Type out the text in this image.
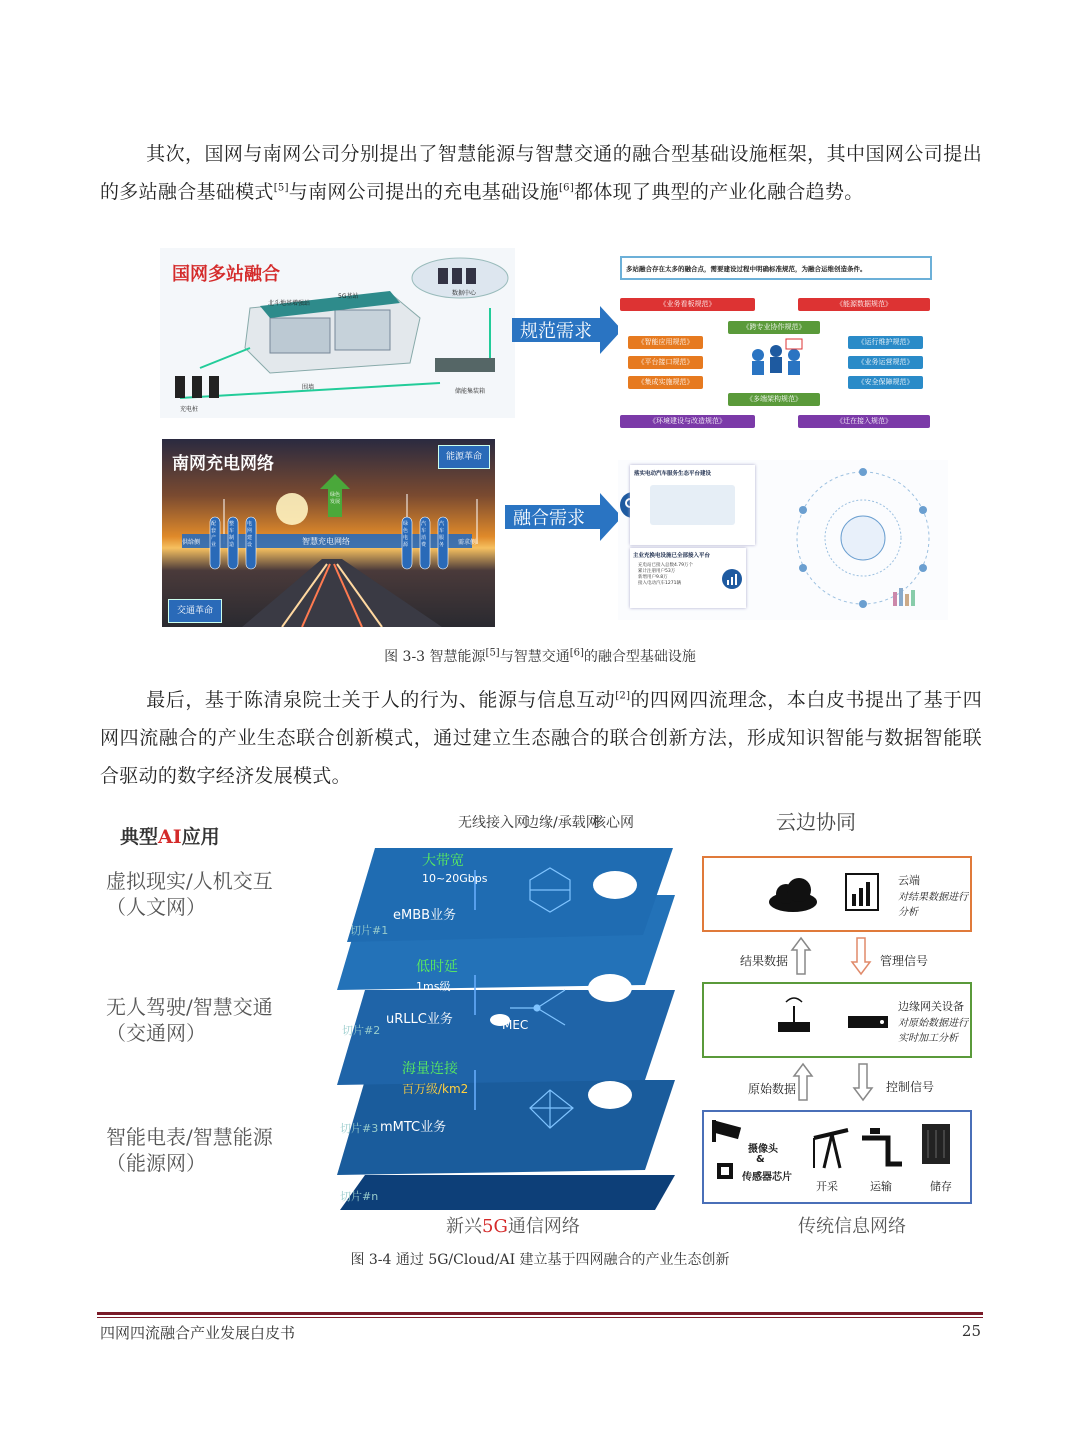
其次，国网与南网公司分别提出了智慧能源与智慧交通的融合型基础设施框架，其中国网公司提出的多站融合基础模式[5]与南网公司提出的充电基础设施[6]都体现了典型的产业化融合趋势。
国网多站融合
数据中心
5G基站
北斗地基增强站
储能集装箱
充电桩
围墙
规范需求
多站融合存在太多的融合点，需要建设过程中明确标准规范，为融合运维创造条件。
《业务看板规范》	《能源数据规范》
《跨专业协作规范》
《智能应用规范》
《平台接口规范》
《集成实施规范》
《运行维护规范》
《业务运营规范》
《安全保障规范》
《多端架构规范》
《环境建设与改造规范》	《迁在接入规范》
南网充电网络	能源革命
绿色发展
智慧充电网络
供给侧	需求侧
配套产业
整车制造
电网建设
绿色电源
汽车消费
汽车服务
交通革命
融合需求
落实电动汽车服务生态平台建设
主业充换电设施已全部接入平台
充电站已接入总数4.79万个
累计注册用户53万
新增用户9.8万
接入电动汽车1271辆
图 3-3 智慧能源[5]与智慧交通[6]的融合型基础设施
最后，基于陈清泉院士关于人的行为、能源与信息互动[2]的四网四流理念，本白皮书提出了基于四网四流融合的产业生态联合创新模式，通过建立生态融合的联合创新方法，形成知识智能与数据智能联合驱动的数字经济发展模式。
典型AI应用
虚拟现实/人机交互
（人文网）
无人驾驶/智慧交通
（交通网）
智能电表/智慧能源
（能源网）
无线接入网
边缘/承载网
核心网
大带宽
10~20Gbps
eMBB业务
切片#1
低时延
1ms级
uRLLC业务	MEC
切片#2
海量连接
百万级/km2
mMTC业务
切片#3
切片#n
新兴5G通信网络
云边协同
云端
对结果数据进行
分析
结果数据	管理信号
边缘网关设备
对原始数据进行
实时加工分析
原始数据	控制信号
摄像头
&
传感器芯片
开采	运输	储存
传统信息网络
图 3-4 通过 5G/Cloud/AI 建立基于四网融合的产业生态创新
四网四流融合产业发展白皮书	25
